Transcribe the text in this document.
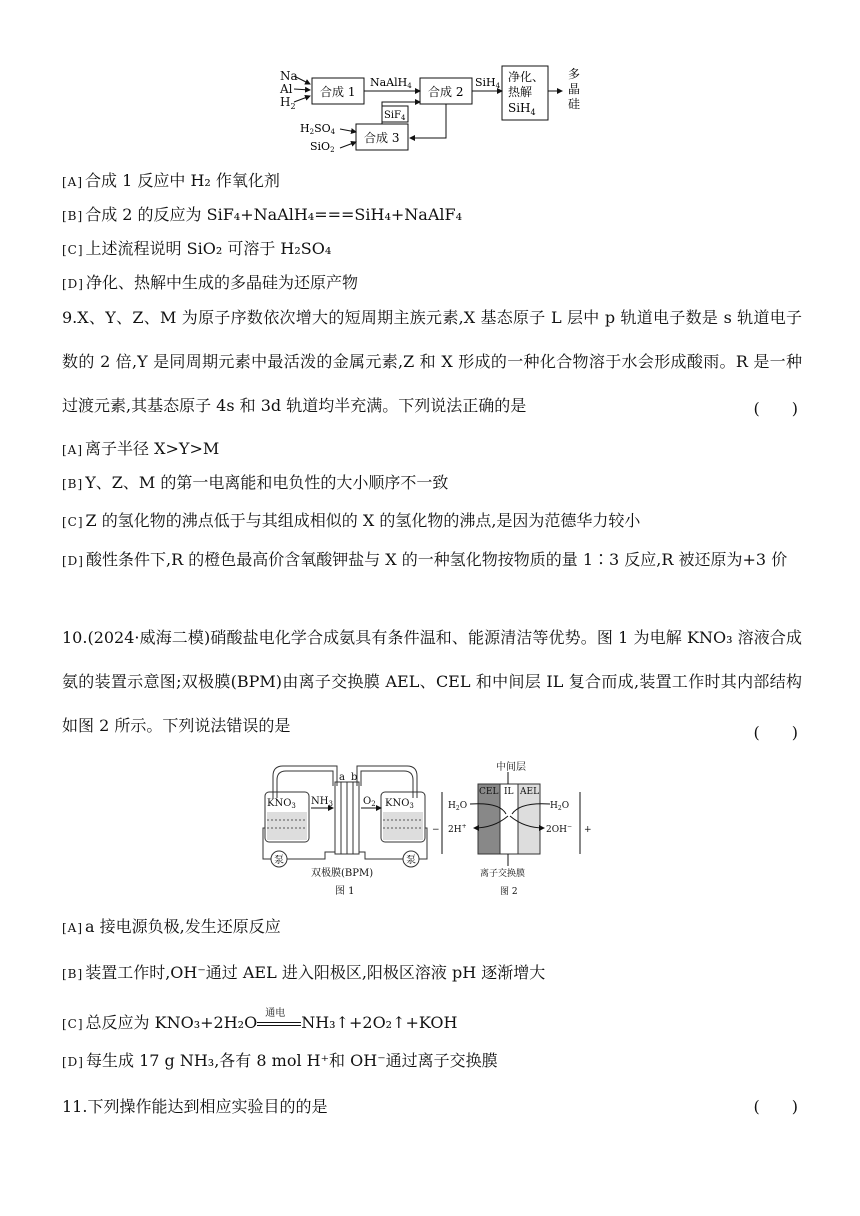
Na
Al
$H_2$
合成 1
NaAlH4 合成 2
SiH4
净化、
热解
SiH$_4$
多
晶
硅
SiF$_4$
合成 3
H2SO4
SiO2
[A] 合成 1 反应中 H₂ 作氧化剂
[B] 合成 2 的反应为 SiF₄+NaAlH₄===SiH₄+NaAlF₄
[C] 上述流程说明 SiO₂ 可溶于 H₂SO₄
[D] 净化、热解中生成的多晶硅为还原产物
9.X、Y、Z、M 为原子序数依次增大的短周期主族元素,X 基态原子 L 层中 p 轨道电子数是 s 轨道电子数的 2 倍,Y 是同周期元素中最活泼的金属元素,Z 和 X 形成的一种化合物溶于水会形成酸雨。R 是一种过渡元素,其基态原子 4s 和 3d 轨道均半充满。下列说法正确的是	(　　)
[A] 离子半径 X>Y>M
[B] Y、Z、M 的第一电离能和电负性的大小顺序不一致
[C] Z 的氢化物的沸点低于与其组成相似的 X 的氢化物的沸点,是因为范德华力较小
[D] 酸性条件下,R 的橙色最高价含氧酸钾盐与 X 的一种氢化物按物质的量 1∶3 反应,R 被还原为+3 价
10.(2024·威海二模)硝酸盐电化学合成氨具有条件温和、能源清洁等优势。图 1 为电解 KNO₃ 溶液合成氨的装置示意图;双极膜(BPM)由离子交换膜 AEL、CEL 和中间层 IL 复合而成,装置工作时其内部结构如图 2 所示。下列说法错误的是	(　　)
$KNO_3$ $NH_3$
a b
$O_2$ $KNO_3$
泵	泵
双极膜(BPM)
图 1
中间层
CEL IL AEL
$H_2O$	$H_2O$
2H+	2OH−
−	+
离子交换膜
图 2
[A] a 接电源负极,发生还原反应
[B] 装置工作时,OH⁻通过 AEL 进入阳极区,阳极区溶液 pH 逐渐增大
[C] 总反应为 KNO₃+2H₂O 通电 NH₃↑+2O₂↑+KOH
[D] 每生成 17 g NH₃,各有 8 mol H⁺和 OH⁻通过离子交换膜
11.下列操作能达到相应实验目的的是	(　　)
